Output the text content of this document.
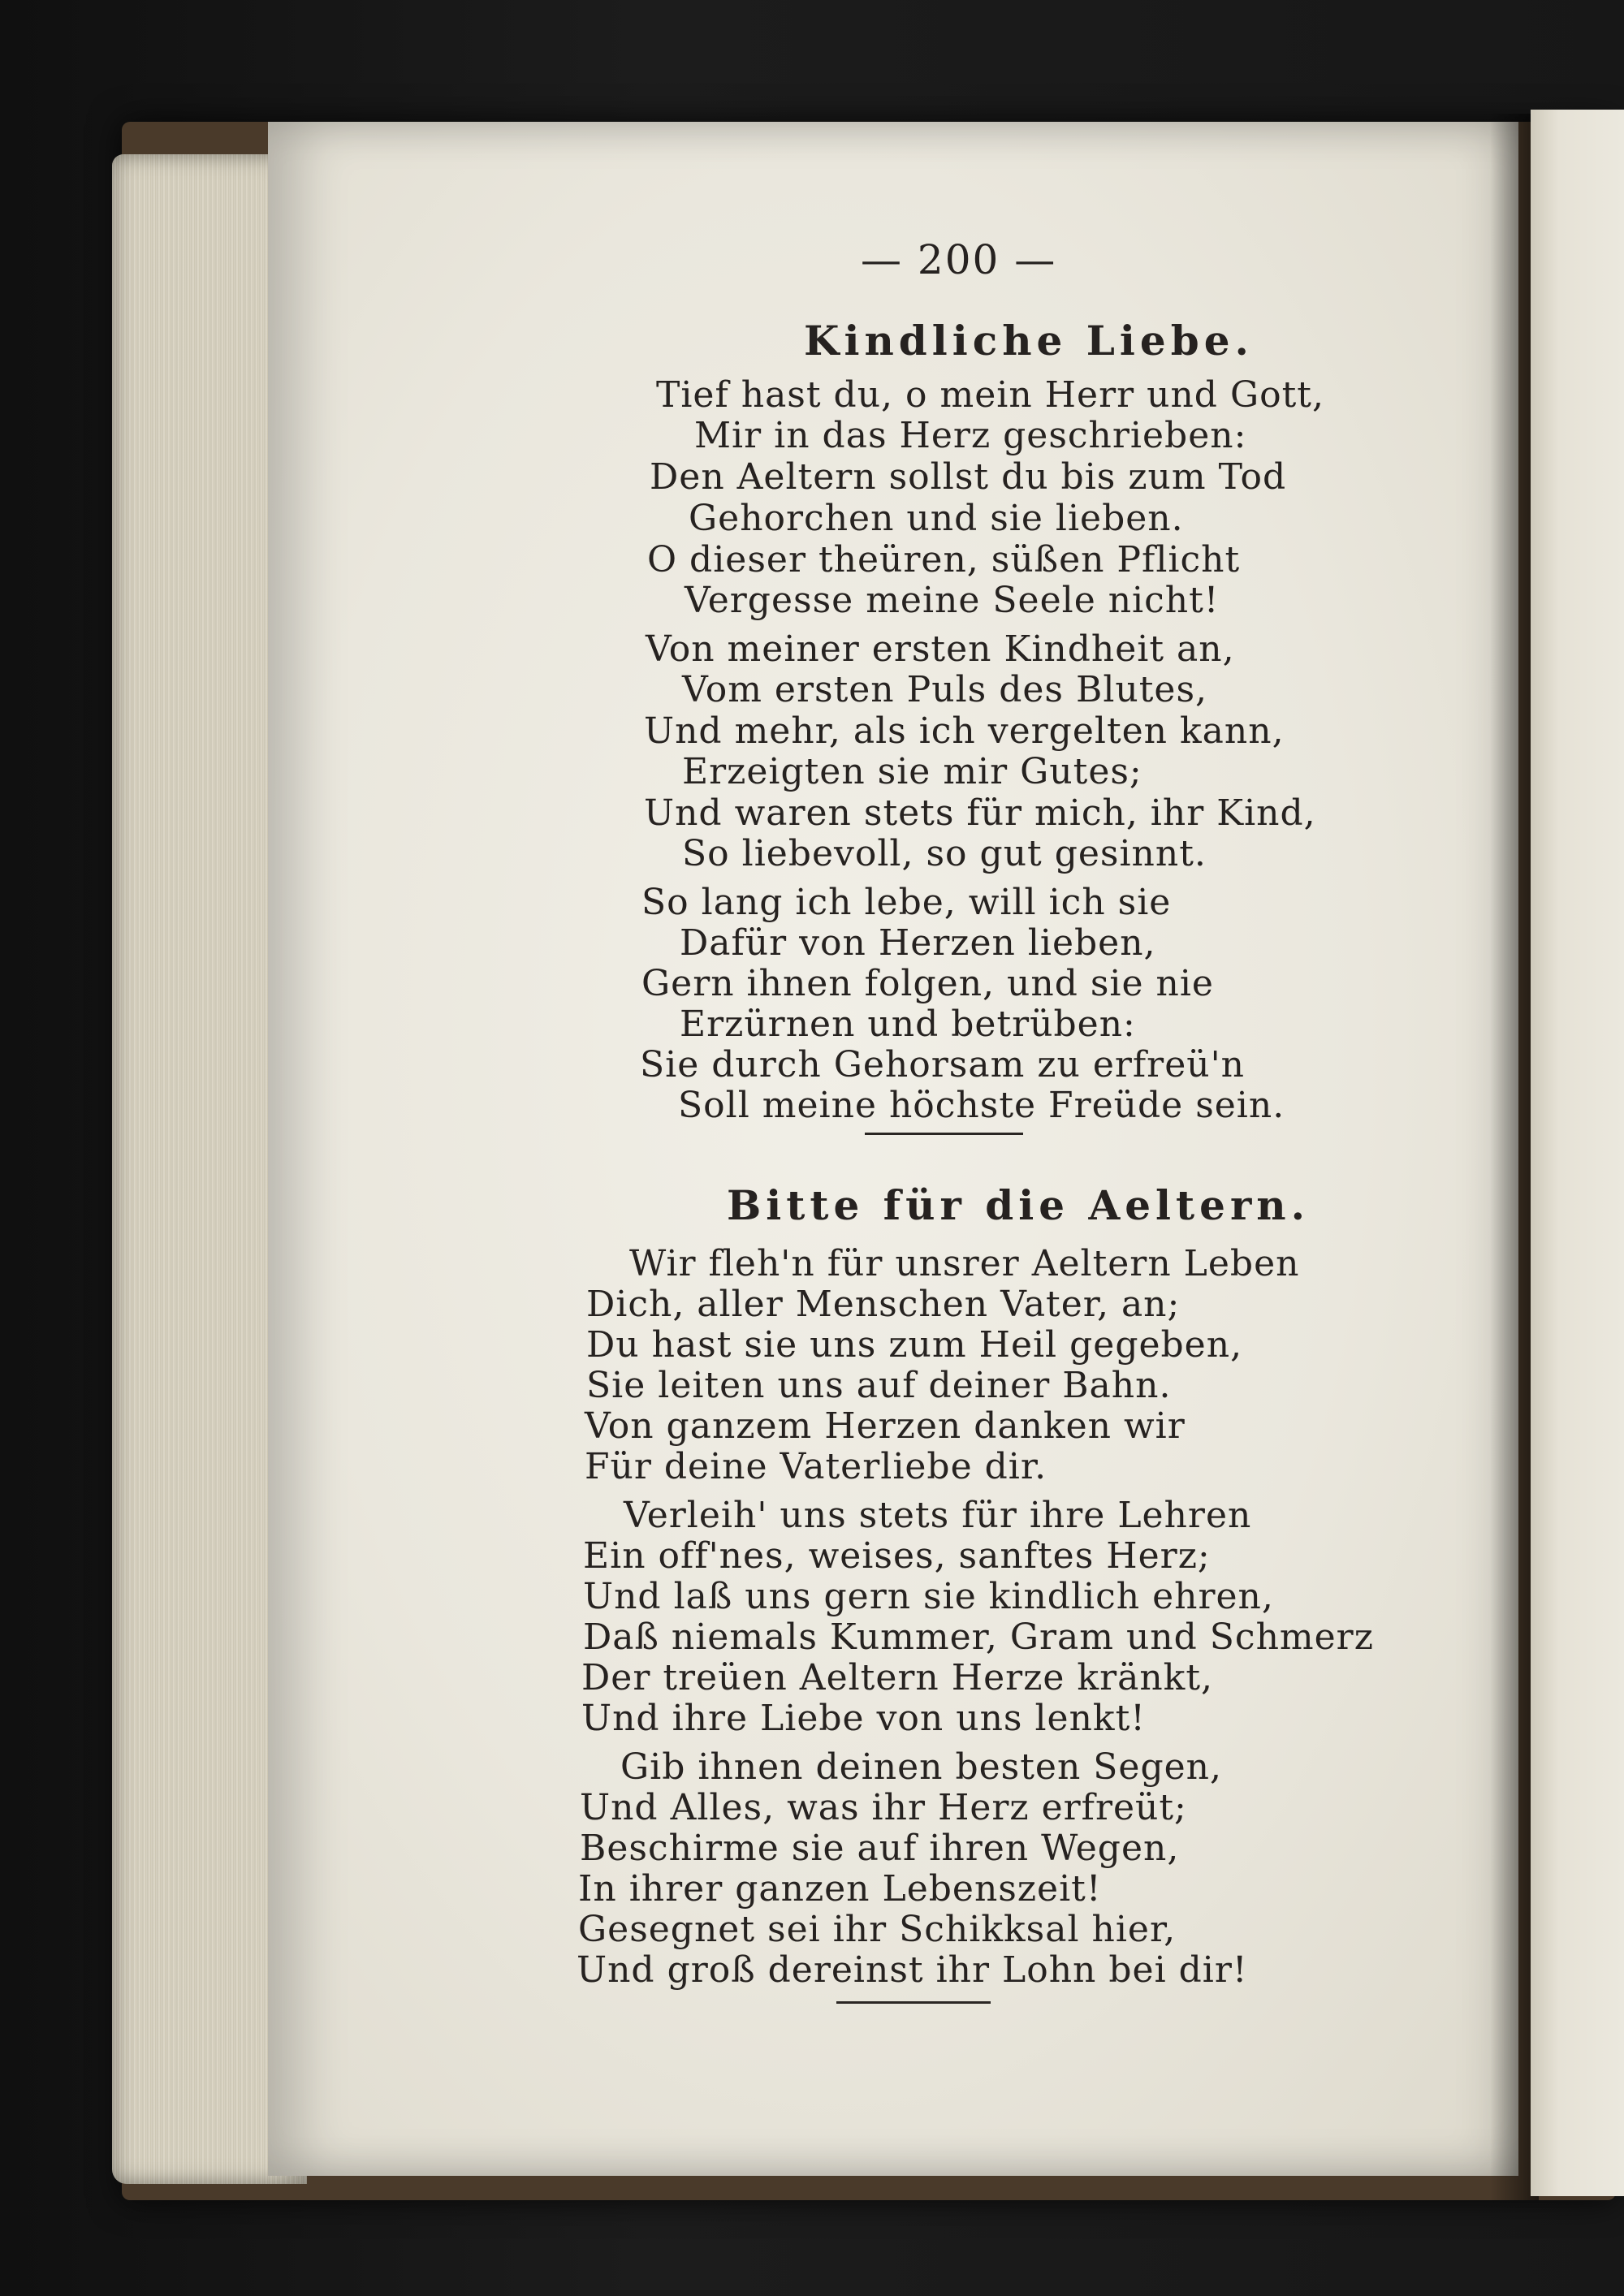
— 200 —
Kindliche Liebe.
Tief hast du, o mein Herr und Gott,
Mir in das Herz geschrieben:
Den Aeltern sollst du bis zum Tod
Gehorchen und sie lieben.
O dieser theüren, süßen Pflicht
Vergesse meine Seele nicht!
Von meiner ersten Kindheit an,
Vom ersten Puls des Blutes,
Und mehr, als ich vergelten kann,
Erzeigten sie mir Gutes;
Und waren stets für mich, ihr Kind,
So liebevoll, so gut gesinnt.
So lang ich lebe, will ich sie
Dafür von Herzen lieben,
Gern ihnen folgen, und sie nie
Erzürnen und betrüben:
Sie durch Gehorsam zu erfreü'n
Soll meine höchste Freüde sein.
Bitte für die Aeltern.
Wir fleh'n für unsrer Aeltern Leben
Dich, aller Menschen Vater, an;
Du hast sie uns zum Heil gegeben,
Sie leiten uns auf deiner Bahn.
Von ganzem Herzen danken wir
Für deine Vaterliebe dir.
Verleih' uns stets für ihre Lehren
Ein off'nes, weises, sanftes Herz;
Und laß uns gern sie kindlich ehren,
Daß niemals Kummer, Gram und Schmerz
Der treüen Aeltern Herze kränkt,
Und ihre Liebe von uns lenkt!
Gib ihnen deinen besten Segen,
Und Alles, was ihr Herz erfreüt;
Beschirme sie auf ihren Wegen,
In ihrer ganzen Lebenszeit!
Gesegnet sei ihr Schikksal hier,
Und groß dereinst ihr Lohn bei dir!
